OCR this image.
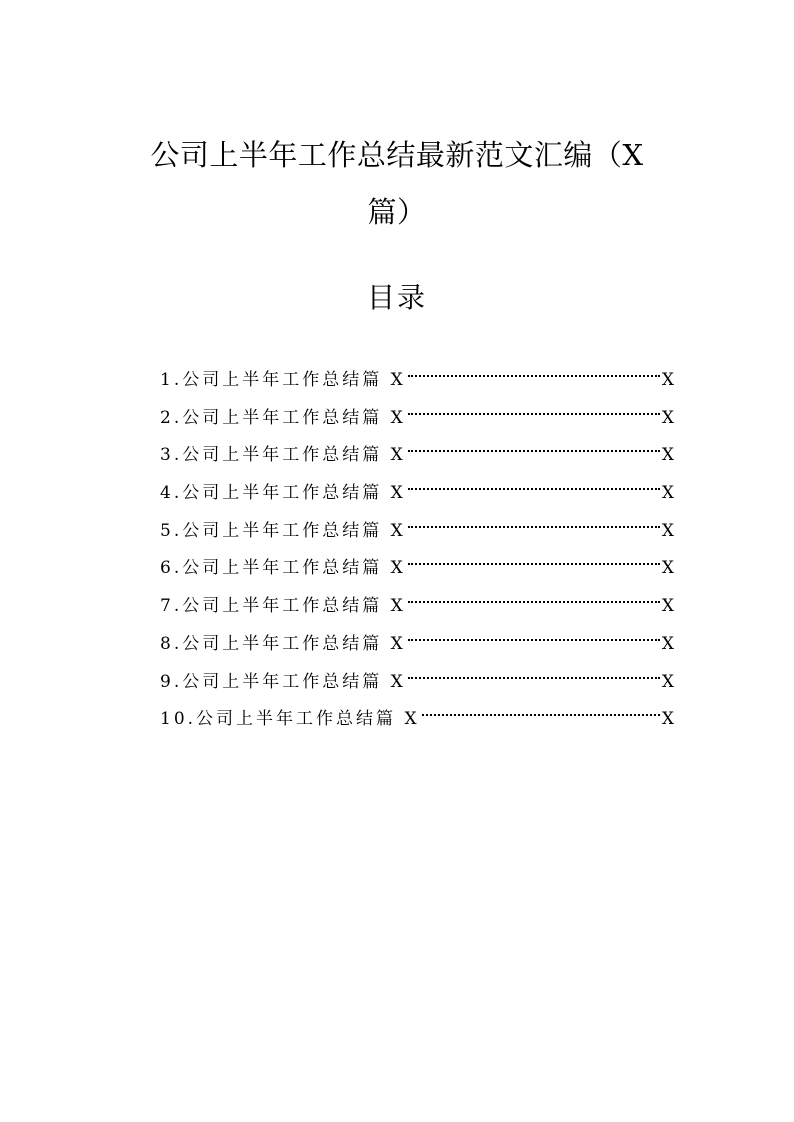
公司上半年工作总结最新范文汇编（X
篇）
目录
1.公司上半年工作总结篇 X	X
2.公司上半年工作总结篇 X	X
3.公司上半年工作总结篇 X	X
4.公司上半年工作总结篇 X	X
5.公司上半年工作总结篇 X	X
6.公司上半年工作总结篇 X	X
7.公司上半年工作总结篇 X	X
8.公司上半年工作总结篇 X	X
9.公司上半年工作总结篇 X	X
10.公司上半年工作总结篇 X	X
